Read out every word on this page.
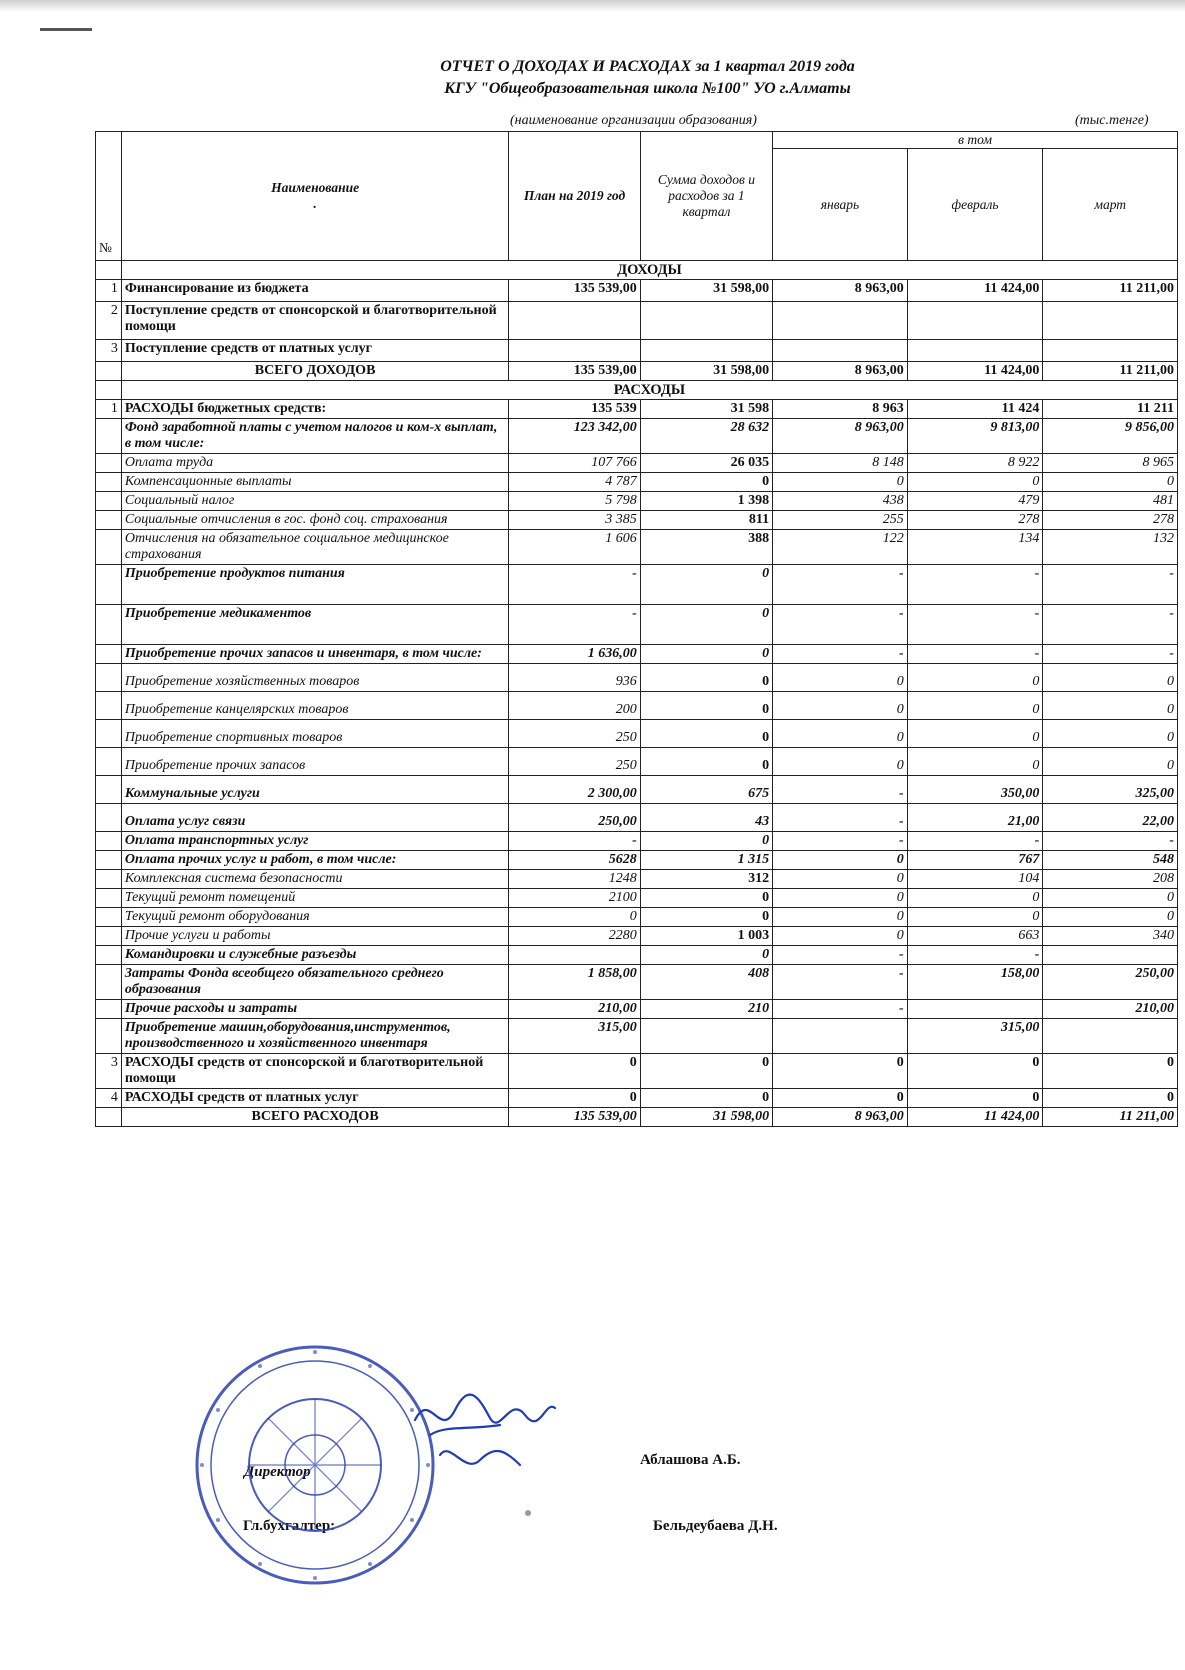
ОТЧЕТ О ДОХОДАХ И РАСХОДАХ за 1 квартал 2019 года
КГУ "Общеобразовательная школа №100" УО г.Алматы
(наименование организации образования)	(тыс.тенге)
№	Наименование
.	План на 2019 год	Сумма доходов и расходов за 1 квартал	в том		
				январь	февраль	март
	ДОХОДЫ					
1	Финансирование из бюджета	135 539,00	31 598,00	8 963,00	11 424,00	11 211,00
2	Поступление средств от спонсорской и благотворительной помощи					
3	Поступление средств от платных услуг					
	ВСЕГО ДОХОДОВ	135 539,00	31 598,00	8 963,00	11 424,00	11 211,00
	РАСХОДЫ					
1	РАСХОДЫ бюджетных средств:	135 539	31 598	8 963	11 424	11 211
	Фонд заработной платы с учетом налогов и ком-х выплат, в том числе:	123 342,00	28 632	8 963,00	9 813,00	9 856,00
	Оплата труда	107 766	26 035	8 148	8 922	8 965
	Компенсационные выплаты	4 787	0	0	0	0
	Социальный налог	5 798	1 398	438	479	481
	Социальные отчисления в гос. фонд соц. страхования	3 385	811	255	278	278
	Отчисления на обязательное социальное медицинское страхования	1 606	388	122	134	132
	Приобретение продуктов питания	-	0	-	-	-
	Приобретение медикаментов	-	0	-	-	-
	Приобретение прочих запасов и инвентаря, в том числе:	1 636,00	0	-	-	-
	Приобретение хозяйственных товаров	936	0	0	0	0
	Приобретение канцелярских товаров	200	0	0	0	0
	Приобретение спортивных товаров	250	0	0	0	0
	Приобретение прочих запасов	250	0	0	0	0
	Коммунальные услуги	2 300,00	675	-	350,00	325,00
	Оплата услуг связи	250,00	43	-	21,00	22,00
	Оплата транспортных услуг	-	0	-	-	-
	Оплата прочих услуг и работ, в том числе:	5628	1 315	0	767	548
	Комплексная система безопасности	1248	312	0	104	208
	Текущий ремонт помещений	2100	0	0	0	0
	Текущий ремонт оборудования	0	0	0	0	0
	Прочие услуги и работы	2280	1 003	0	663	340
	Командировки и служебные разъезды		0	-	-	
	Затраты Фонда всеобщего обязательного среднего образования	1 858,00	408	-	158,00	250,00
	Прочие расходы и затраты	210,00	210	-		210,00
	Приобретение машин,оборудования,инструментов, производственного и хозяйственного инвентаря	315,00			315,00	
3	РАСХОДЫ средств от спонсорской и благотворительной помощи	0	0	0	0	0
4	РАСХОДЫ средств от платных услуг	0	0	0	0	0
	ВСЕГО РАСХОДОВ	135 539,00	31 598,00	8 963,00	11 424,00	11 211,00
Директор
Аблашова А.Б.
Гл.бухгалтер:	Бельдеубаева Д.Н.
